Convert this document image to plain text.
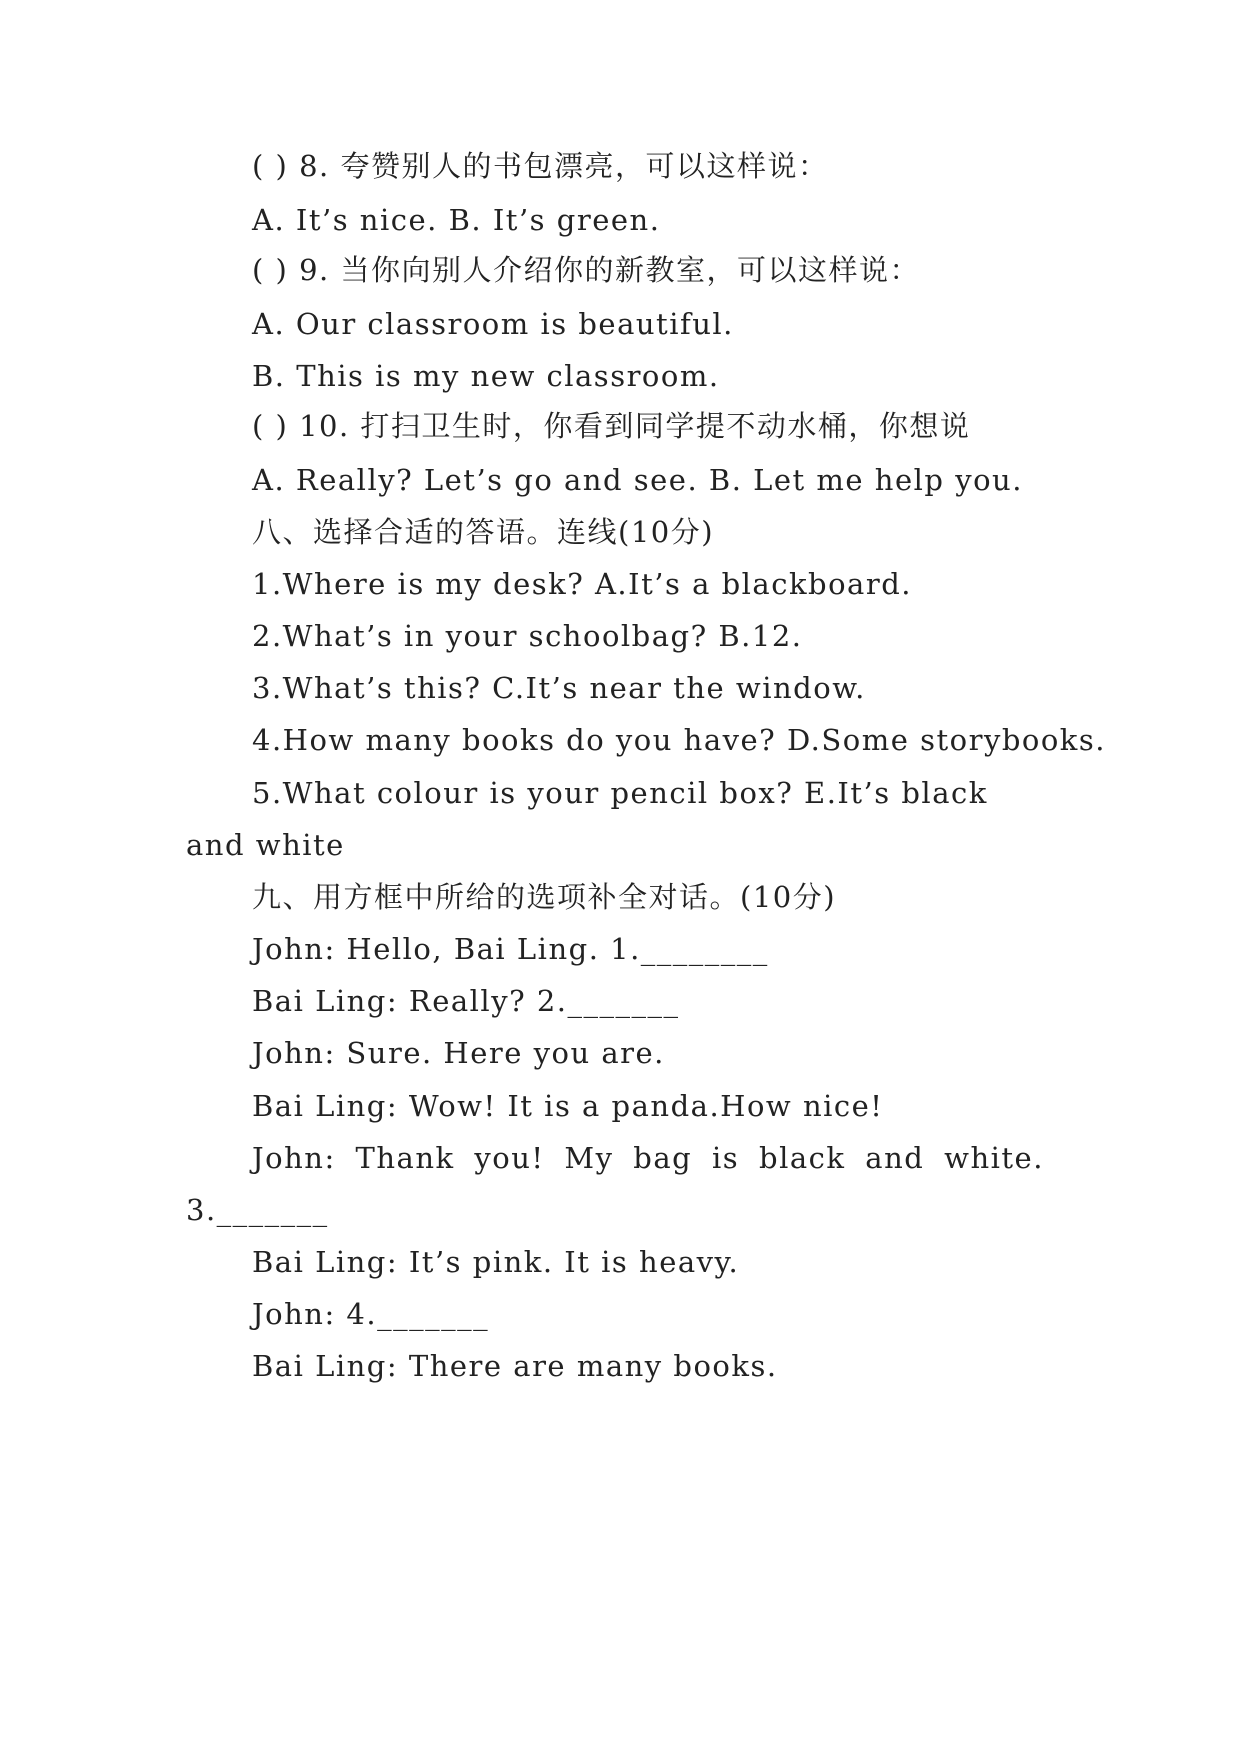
( ) 8. 夸赞别人的书包漂亮，可以这样说：
A. It’s nice. B. It’s green.
( ) 9. 当你向别人介绍你的新教室，可以这样说：
A. Our classroom is beautiful.
B. This is my new classroom.
( ) 10. 打扫卫生时，你看到同学提不动水桶，你想说
A. Really? Let’s go and see. B. Let me help you.
八、选择合适的答语。连线(10分)
1.Where is my desk? A.It’s a blackboard.
2.What’s in your schoolbag? B.12.
3.What’s this? C.It’s near the window.
4.How many books do you have? D.Some storybooks.
5.What colour is your pencil box? E.It’s black
and white
九、用方框中所给的选项补全对话。(10分)
John: Hello, Bai Ling. 1.________
Bai Ling: Really? 2._______
John: Sure. Here you are.
Bai Ling: Wow! It is a panda.How nice!
John: Thank you! My bag is black and white.
3._______
Bai Ling: It’s pink. It is heavy.
John: 4._______
Bai Ling: There are many books.
